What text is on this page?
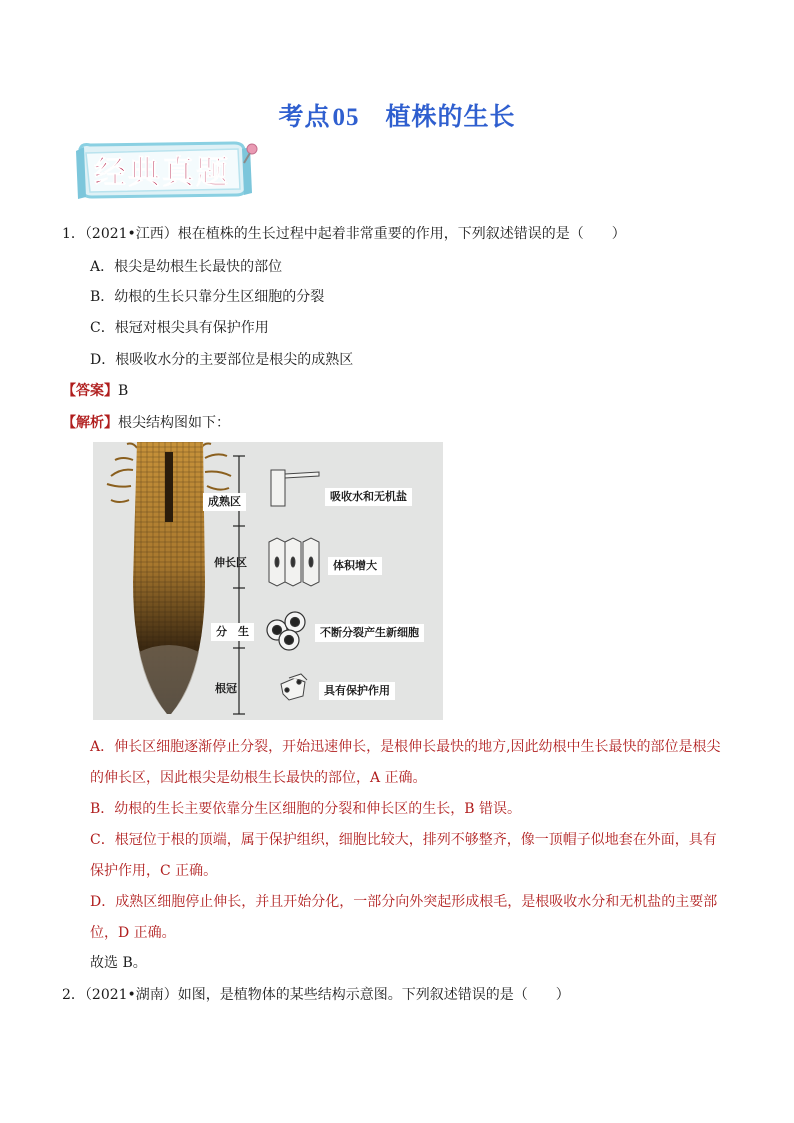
考点05 植株的生长
经典真题
1．（2021•江西）根在植株的生长过程中起着非常重要的作用，下列叙述错误的是（　　）
A．根尖是幼根生长最快的部位
B．幼根的生长只靠分生区细胞的分裂
C．根冠对根尖具有保护作用
D．根吸收水分的主要部位是根尖的成熟区
【答案】B
【解析】根尖结构图如下：
成熟区
伸长区
分　生
根冠
吸收水和无机盐
体积增大
不断分裂产生新细胞
具有保护作用
A．伸长区细胞逐渐停止分裂，开始迅速伸长，是根伸长最快的地方,因此幼根中生长最快的部位是根尖的伸长区，因此根尖是幼根生长最快的部位，A 正确。
B．幼根的生长主要依靠分生区细胞的分裂和伸长区的生长，B 错误。
C．根冠位于根的顶端，属于保护组织，细胞比较大，排列不够整齐，像一顶帽子似地套在外面，具有保护作用，C 正确。
D．成熟区细胞停止伸长，并且开始分化，一部分向外突起形成根毛，是根吸收水分和无机盐的主要部位，D 正确。
故选 B。
2．（2021•湖南）如图，是植物体的某些结构示意图。下列叙述错误的是（　　）
